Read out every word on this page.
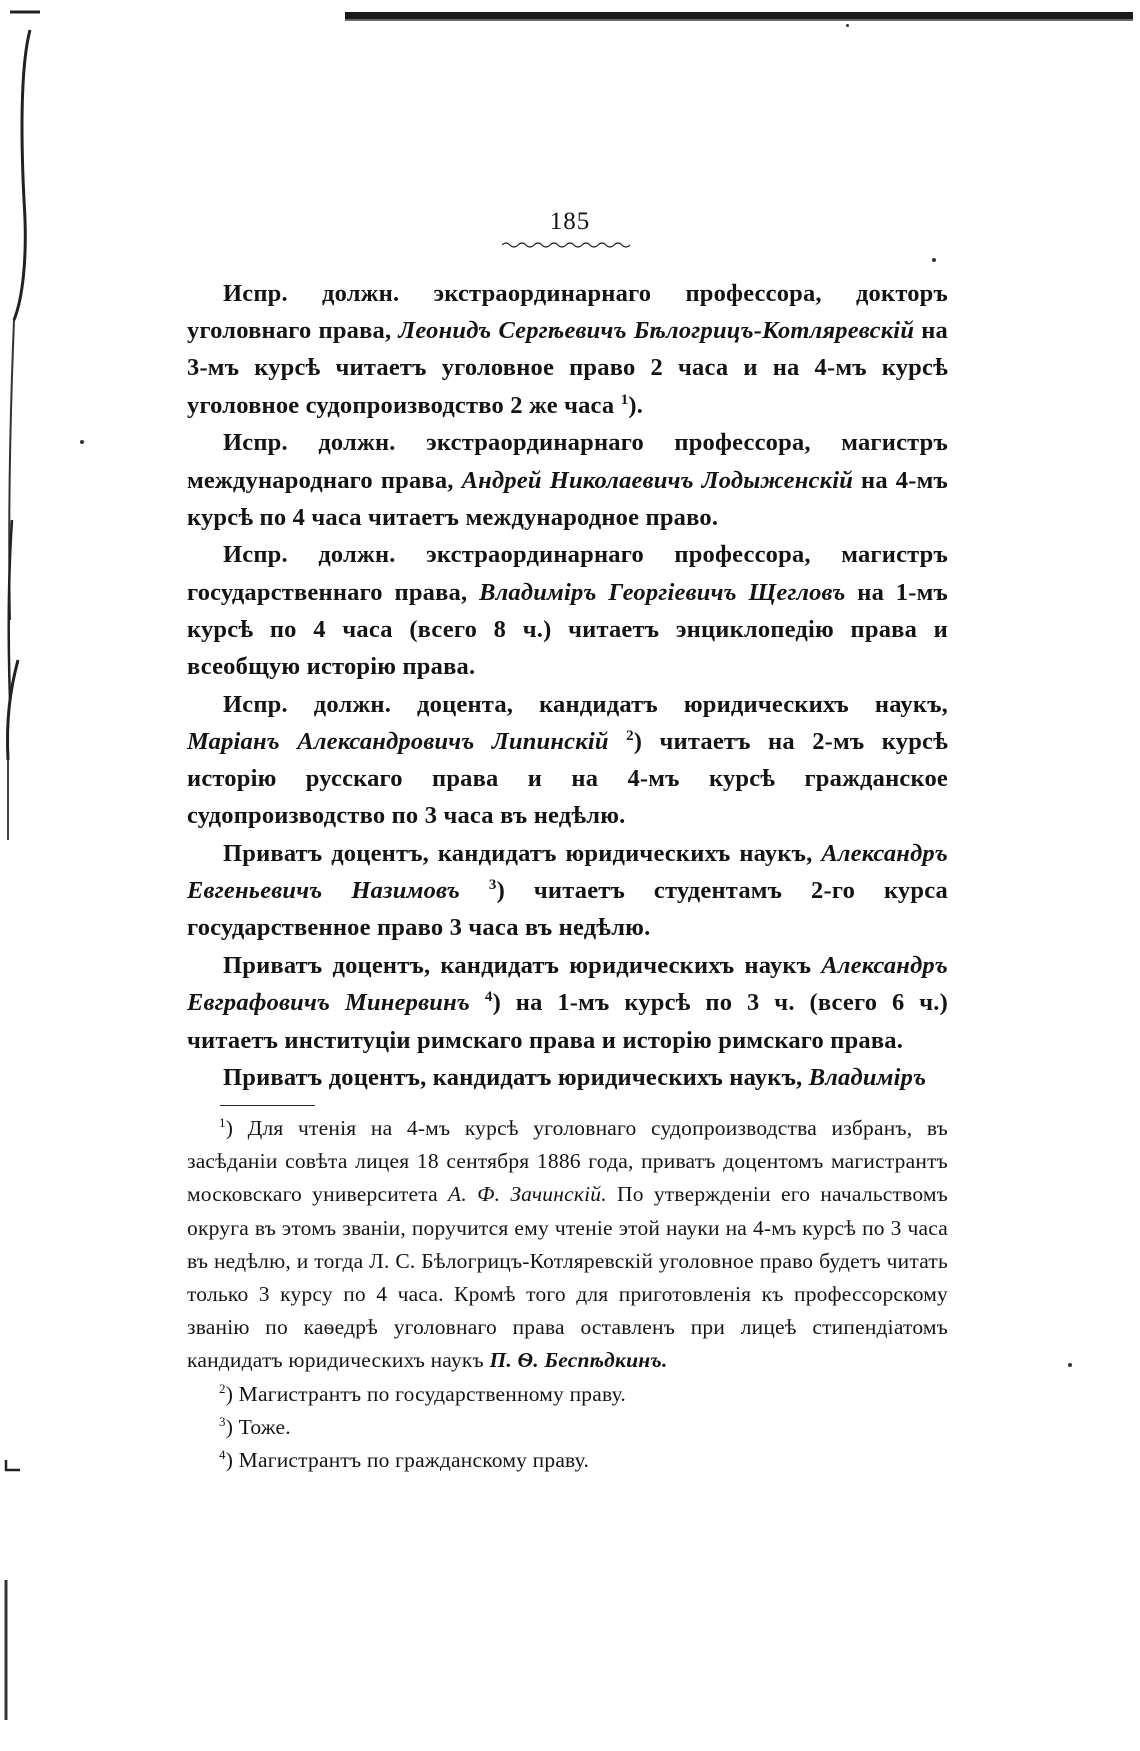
185

Испр. должн. экстраординарнаго профессора, докторъ уголовнаго права, Леонидъ Сергѣевичъ Бѣлогрицъ-Котляревскій на 3-мъ курсѣ читаетъ уголовное право 2 часа и на 4-мъ курсѣ уголовное судопроизводство 2 же часа $^1$).

Испр. должн. экстраординарнаго профессора, магистръ международнаго права, Андрей Николаевичъ Лодыженскій на 4-мъ курсѣ по 4 часа читаетъ международное право.

Испр. должн. экстраординарнаго профессора, магистръ государственнаго права, Владиміръ Георгіевичъ Щегловъ на 1-мъ курсѣ по 4 часа (всего 8 ч.) читаетъ энциклопедію права и всеобщую исторію права.

Испр. должн. доцента, кандидатъ юридическихъ наукъ, Маріанъ Александровичъ Липинскій $^2$) читаетъ на 2-мъ курсѣ исторію русскаго права и на 4-мъ курсѣ гражданское судопроизводство по 3 часа въ недѣлю.

Приватъ доцентъ, кандидатъ юридическихъ наукъ, Александръ Евгеньевичъ Назимовъ $^3$) читаетъ студентамъ 2-го курса государственное право 3 часа въ недѣлю.

Приватъ доцентъ, кандидатъ юридическихъ наукъ Александръ Евграфовичъ Минервинъ $^4$) на 1-мъ курсѣ по 3 ч. (всего 6 ч.) читаетъ институціи римскаго права и исторію римскаго права.

Приватъ доцентъ, кандидатъ юридическихъ наукъ, Владиміръ

$^1$) Для чтенія на 4-мъ курсѣ уголовнаго судопроизводства избранъ, въ засѣданіи совѣта лицея 18 сентября 1886 года, приватъ доцентомъ магистрантъ московскаго университета А. Ф. Зачинскій. По утвержденіи его начальствомъ округа въ этомъ званіи, поручится ему чтеніе этой науки на 4-мъ курсѣ по 3 часа въ недѣлю, и тогда Л. С. Бѣлогрицъ-Котляревскій уголовное право будетъ читать только 3 курсу по 4 часа. Кромѣ того для приготовленія къ профессорскому званію по каѳедрѣ уголовнаго права оставленъ при лицеѣ стипендіатомъ кандидатъ юридическихъ наукъ П. Ѳ. Беспѣдкинъ.

$^2$) Магистрантъ по государственному праву.

$^3$) Тоже.

$^4$) Магистрантъ по гражданскому праву.
